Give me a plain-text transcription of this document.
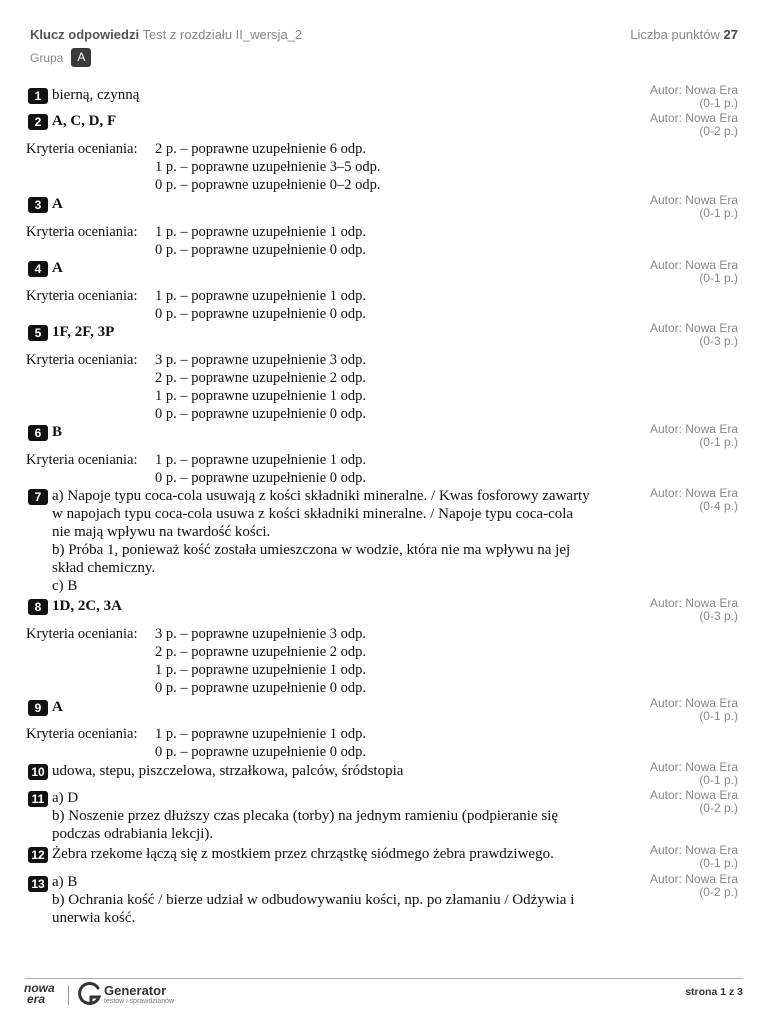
Klucz odpowiedzi Test z rozdziału II_wersja_2	Liczba punktów 27
Grupa	A
1 bierną, czynną	Autor: Nowa Era
(0-1 p.)
2 A, C, D, F	Autor: Nowa Era
(0-2 p.)
Kryteria oceniania: 2 p. – poprawne uzupełnienie 6 odp.
1 p. – poprawne uzupełnienie 3–5 odp.
0 p. – poprawne uzupełnienie 0–2 odp.
3 A	Autor: Nowa Era
(0-1 p.)
Kryteria oceniania: 1 p. – poprawne uzupełnienie 1 odp.
0 p. – poprawne uzupełnienie 0 odp.
4 A	Autor: Nowa Era
(0-1 p.)
Kryteria oceniania: 1 p. – poprawne uzupełnienie 1 odp.
0 p. – poprawne uzupełnienie 0 odp.
5 1F, 2F, 3P	Autor: Nowa Era
(0-3 p.)
Kryteria oceniania: 3 p. – poprawne uzupełnienie 3 odp.
2 p. – poprawne uzupełnienie 2 odp.
1 p. – poprawne uzupełnienie 1 odp.
0 p. – poprawne uzupełnienie 0 odp.
6 B	Autor: Nowa Era
(0-1 p.)
Kryteria oceniania: 1 p. – poprawne uzupełnienie 1 odp.
0 p. – poprawne uzupełnienie 0 odp.
7 a) Napoje typu coca-cola usuwają z kości składniki mineralne. / Kwas fosforowy zawarty
w napojach typu coca-cola usuwa z kości składniki mineralne. / Napoje typu coca-cola
nie mają wpływu na twardość kości.
b) Próba 1, ponieważ kość została umieszczona w wodzie, która nie ma wpływu na jej
skład chemiczny.
c) B
Autor: Nowa Era
(0-4 p.)
8 1D, 2C, 3A	Autor: Nowa Era
(0-3 p.)
Kryteria oceniania: 3 p. – poprawne uzupełnienie 3 odp.
2 p. – poprawne uzupełnienie 2 odp.
1 p. – poprawne uzupełnienie 1 odp.
0 p. – poprawne uzupełnienie 0 odp.
9 A	Autor: Nowa Era
(0-1 p.)
Kryteria oceniania: 1 p. – poprawne uzupełnienie 1 odp.
0 p. – poprawne uzupełnienie 0 odp.
10 udowa, stepu, piszczelowa, strzałkowa, palców, śródstopia	Autor: Nowa Era
(0-1 p.)
11 a) D
b) Noszenie przez dłuższy czas plecaka (torby) na jednym ramieniu (podpieranie się
podczas odrabiania lekcji).
Autor: Nowa Era
(0-2 p.)
12 Żebra rzekome łączą się z mostkiem przez chrząstkę siódmego żebra prawdziwego.	Autor: Nowa Era
(0-1 p.)
13 a) B
b) Ochrania kość / bierze udział w odbudowywaniu kości, np. po złamaniu / Odżywia i
unerwia kość.
Autor: Nowa Era
(0-2 p.)
nowa
era
Generator
testów i sprawdzianów
strona 1 z 3
